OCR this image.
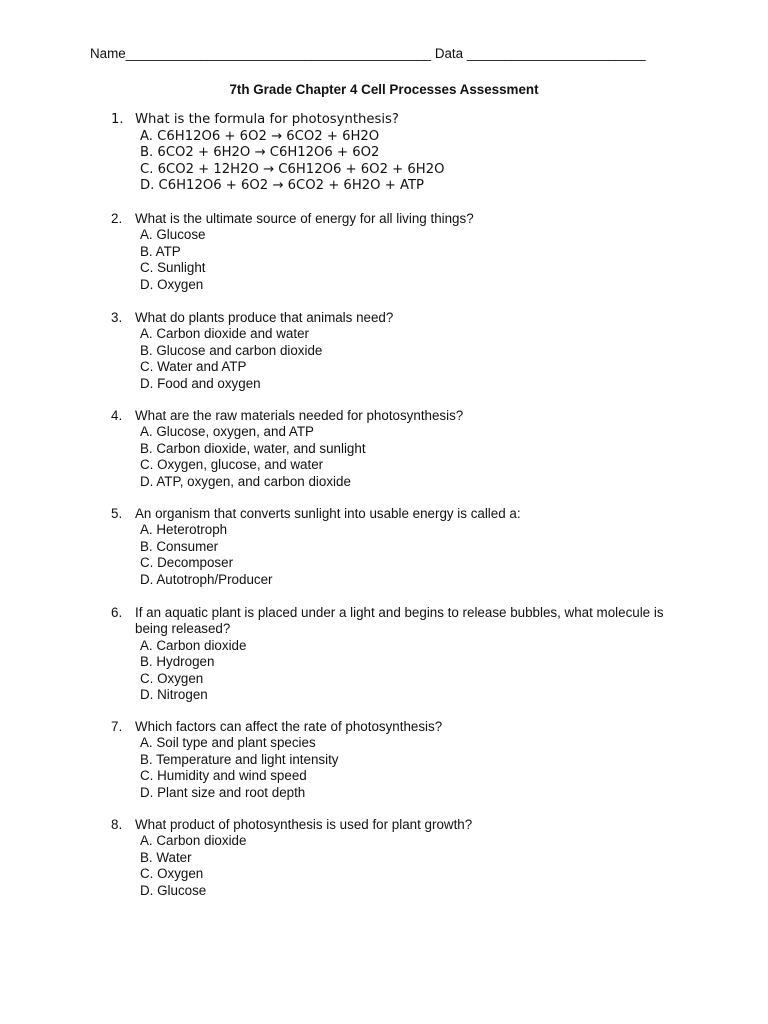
Name_________________________________________ Data ________________________
7th Grade Chapter 4 Cell Processes Assessment
1. What is the formula for photosynthesis?
A. C6H12O6 + 6O2 → 6CO2 + 6H2O
B. 6CO2 + 6H2O → C6H12O6 + 6O2
C. 6CO2 + 12H2O → C6H12O6 + 6O2 + 6H2O
D. C6H12O6 + 6O2 → 6CO2 + 6H2O + ATP
2. What is the ultimate source of energy for all living things?
A. Glucose
B. ATP
C. Sunlight
D. Oxygen
3. What do plants produce that animals need?
A. Carbon dioxide and water
B. Glucose and carbon dioxide
C. Water and ATP
D. Food and oxygen
4. What are the raw materials needed for photosynthesis?
A. Glucose, oxygen, and ATP
B. Carbon dioxide, water, and sunlight
C. Oxygen, glucose, and water
D. ATP, oxygen, and carbon dioxide
5. An organism that converts sunlight into usable energy is called a:
A. Heterotroph
B. Consumer
C. Decomposer
D. Autotroph/Producer
6. If an aquatic plant is placed under a light and begins to release bubbles, what molecule is being released?
A. Carbon dioxide
B. Hydrogen
C. Oxygen
D. Nitrogen
7. Which factors can affect the rate of photosynthesis?
A. Soil type and plant species
B. Temperature and light intensity
C. Humidity and wind speed
D. Plant size and root depth
8. What product of photosynthesis is used for plant growth?
A. Carbon dioxide
B. Water
C. Oxygen
D. Glucose
